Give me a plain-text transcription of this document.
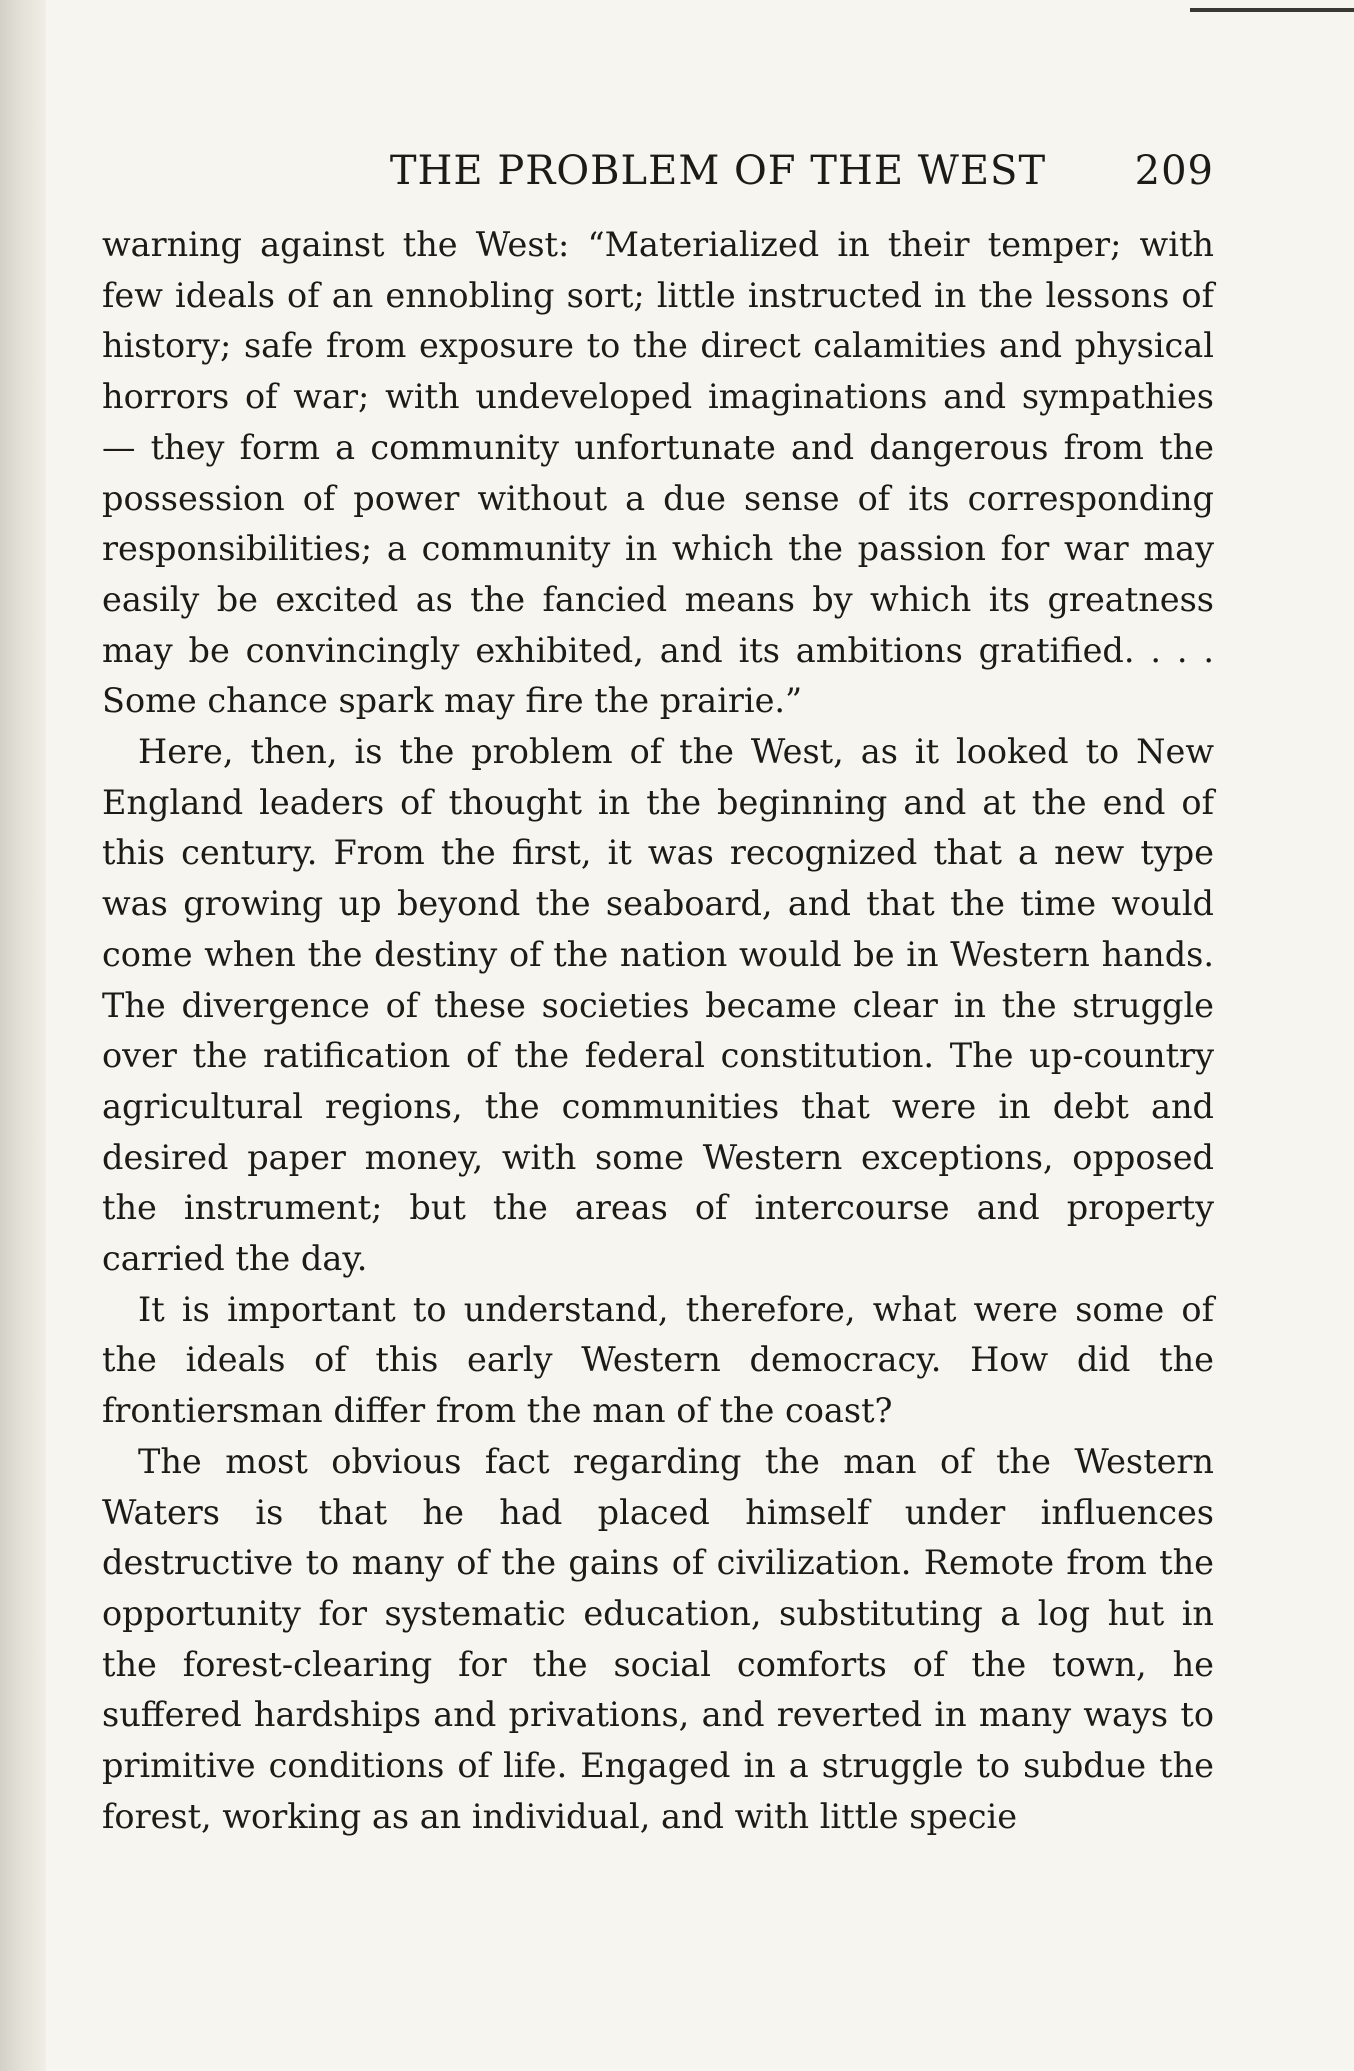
THE PROBLEM OF THE WEST	209

warning against the West: “Materialized in their temper; with few ideals of an ennobling sort; little instructed in the lessons of history; safe from exposure to the direct calamities and physical horrors of war; with undeveloped imaginations and sympathies — they form a community unfortunate and dangerous from the possession of power without a due sense of its corresponding responsibilities; a community in which the passion for war may easily be excited as the fancied means by which its greatness may be convincingly exhibited, and its ambitions gratified. . . . Some chance spark may fire the prairie.”

Here, then, is the problem of the West, as it looked to New England leaders of thought in the beginning and at the end of this century. From the first, it was recognized that a new type was growing up beyond the seaboard, and that the time would come when the destiny of the nation would be in Western hands. The divergence of these societies became clear in the struggle over the ratification of the federal constitution. The up-country agricultural regions, the communities that were in debt and desired paper money, with some Western exceptions, opposed the instrument; but the areas of intercourse and property carried the day.

It is important to understand, therefore, what were some of the ideals of this early Western democracy. How did the frontiersman differ from the man of the coast?

The most obvious fact regarding the man of the Western Waters is that he had placed himself under influences destructive to many of the gains of civilization. Remote from the opportunity for systematic education, substituting a log hut in the forest-clearing for the social comforts of the town, he suffered hardships and privations, and reverted in many ways to primitive conditions of life. Engaged in a struggle to subdue the forest, working as an individual, and with little specie
